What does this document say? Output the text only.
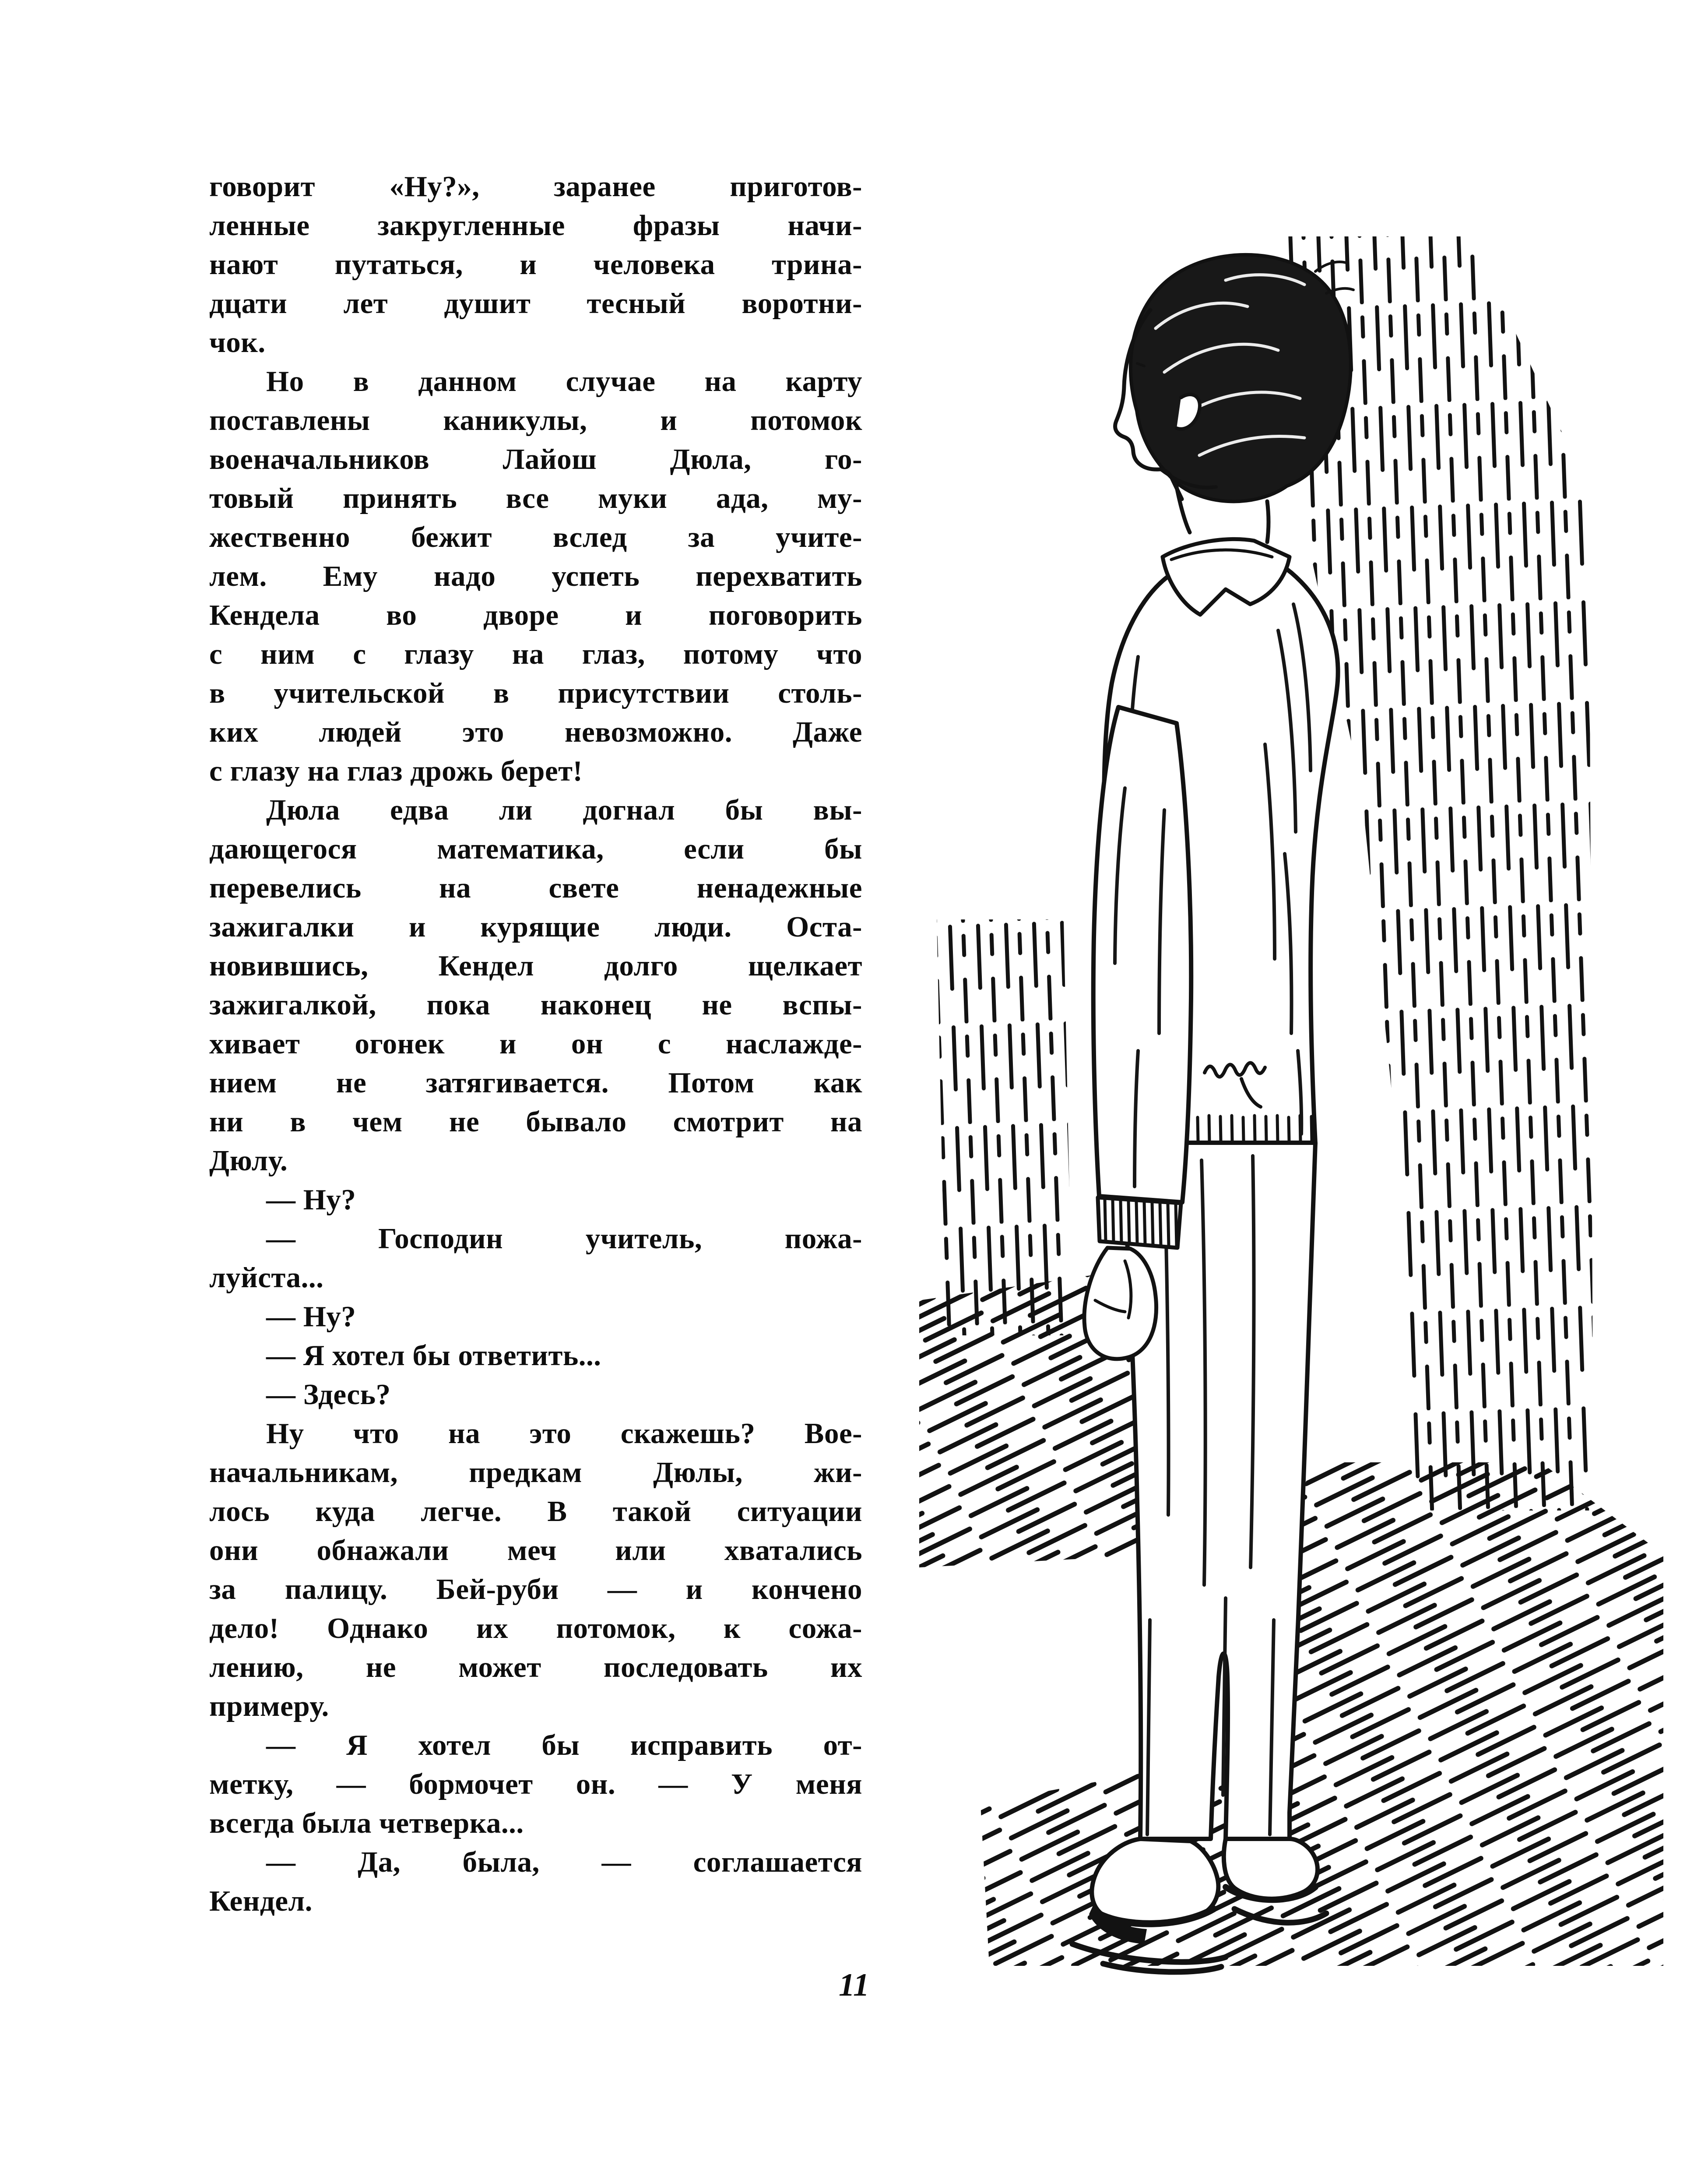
говорит «Ну?», заранее приготов-
ленные закругленные фразы начи-
нают путаться, и человека трина-
дцати лет душит тесный воротни-
чок.
Но в данном случае на карту
поставлены каникулы, и потомок
военачальников Лайош Дюла, го-
товый принять все муки ада, му-
жественно бежит вслед за учите-
лем. Ему надо успеть перехватить
Кендела во дворе и поговорить
с ним с глазу на глаз, потому что
в учительской в присутствии столь-
ких людей это невозможно. Даже
с глазу на глаз дрожь берет!
Дюла едва ли догнал бы вы-
дающегося математика, если бы
перевелись на свете ненадежные
зажигалки и курящие люди. Оста-
новившись, Кендел долго щелкает
зажигалкой, пока наконец не вспы-
хивает огонек и он с наслажде-
нием не затягивается. Потом как
ни в чем не бывало смотрит на
Дюлу.
— Ну?
— Господин учитель, пожа-
луйста...
— Ну?
— Я хотел бы ответить...
— Здесь?
Ну что на это скажешь? Вое-
начальникам, предкам Дюлы, жи-
лось куда легче. В такой ситуации
они обнажали меч или хватались
за палицу. Бей-руби — и кончено
дело! Однако их потомок, к сожа-
лению, не может последовать их
примеру.
— Я хотел бы исправить от-
метку, — бормочет он. — У меня
всегда была четверка...
— Да, была, — соглашается
Кендел.
11
